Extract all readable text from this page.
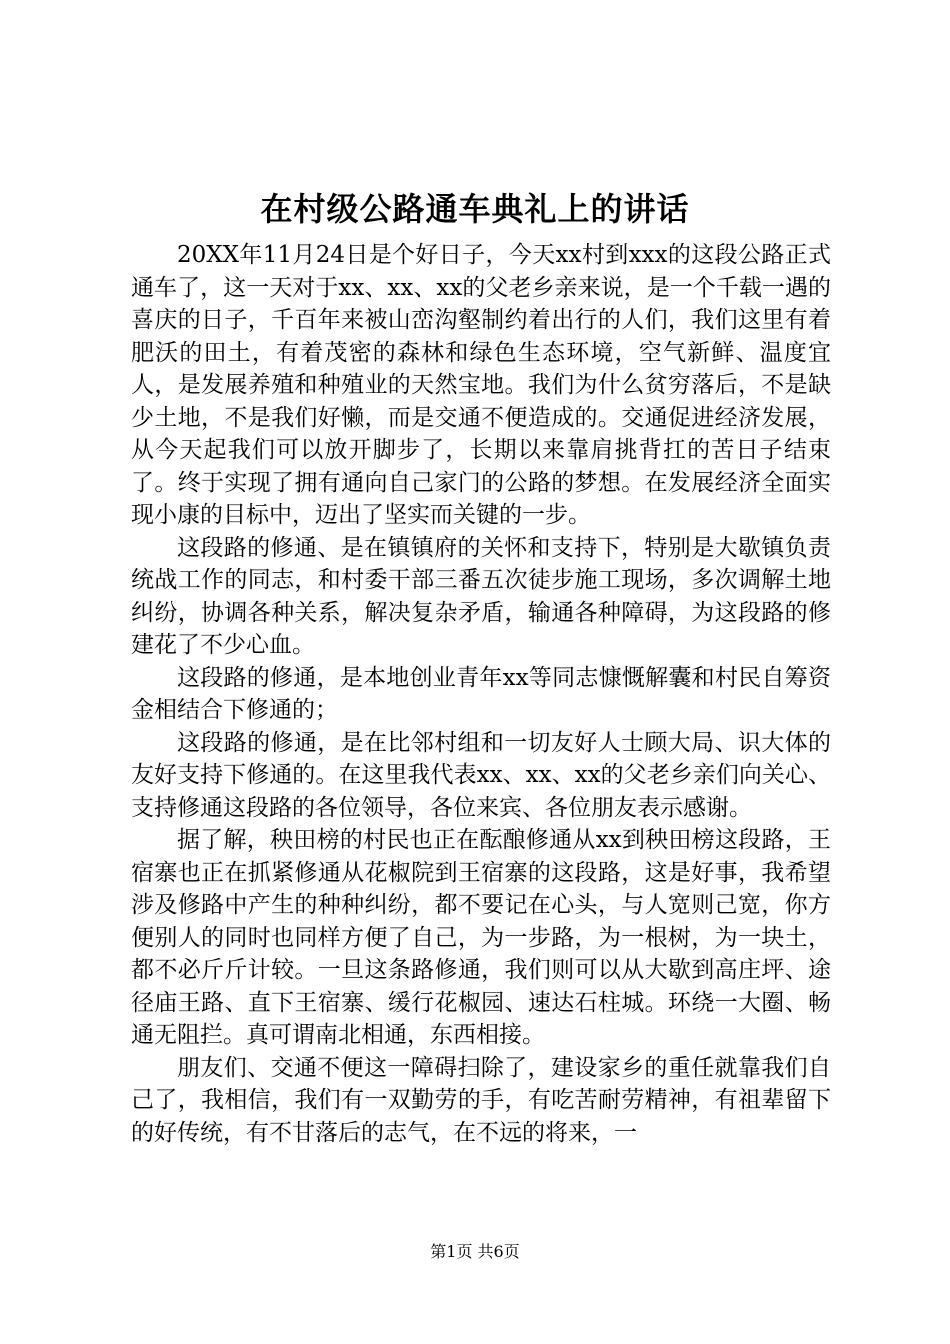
在村级公路通车典礼上的讲话

20XX年11月24日是个好日子，今天xx村到xxx的这段公路正式通车了，这一天对于xx、xx、xx的父老乡亲来说，是一个千载一遇的喜庆的日子，千百年来被山峦沟壑制约着出行的人们，我们这里有着肥沃的田土，有着茂密的森林和绿色生态环境，空气新鲜、温度宜人，是发展养殖和种殖业的天然宝地。我们为什么贫穷落后，不是缺少土地，不是我们好懒，而是交通不便造成的。交通促进经济发展，从今天起我们可以放开脚步了，长期以来靠肩挑背扛的苦日子结束了。终于实现了拥有通向自己家门的公路的梦想。在发展经济全面实现小康的目标中，迈出了坚实而关键的一步。

这段路的修通、是在镇镇府的关怀和支持下，特别是大歇镇负责统战工作的同志，和村委干部三番五次徒步施工现场，多次调解土地纠纷，协调各种关系，解决复杂矛盾，输通各种障碍，为这段路的修建花了不少心血。

这段路的修通，是本地创业青年xx等同志慷慨解囊和村民自筹资金相结合下修通的；

这段路的修通，是在比邻村组和一切友好人士顾大局、识大体的友好支持下修通的。在这里我代表xx、xx、xx的父老乡亲们向关心、支持修通这段路的各位领导，各位来宾、各位朋友表示感谢。

据了解，秧田榜的村民也正在酝酿修通从xx到秧田榜这段路，王宿寨也正在抓紧修通从花椒院到王宿寨的这段路，这是好事，我希望涉及修路中产生的种种纠纷，都不要记在心头，与人宽则己宽，你方便别人的同时也同样方便了自己，为一步路，为一根树，为一块土，都不必斤斤计较。一旦这条路修通，我们则可以从大歇到高庄坪、途径庙王路、直下王宿寨、缓行花椒园、速达石柱城。环绕一大圈、畅通无阻拦。真可谓南北相通，东西相接。

朋友们、交通不便这一障碍扫除了，建设家乡的重任就靠我们自己了，我相信，我们有一双勤劳的手，有吃苦耐劳精神，有祖辈留下的好传统，有不甘落后的志气，在不远的将来，一

第1页 共6页
